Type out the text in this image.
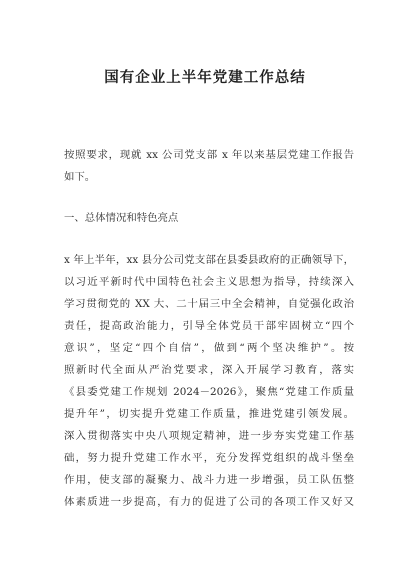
国有企业上半年党建工作总结
按照要求，现就 xx 公司党支部 x 年以来基层党建工作报告
如下。
一、总体情况和特色亮点
x 年上半年，xx 县分公司党支部在县委县政府的正确领导下，
以习近平新时代中国特色社会主义思想为指导，持续深入
学习贯彻党的 XX 大、二十届三中全会精神，自觉强化政治
责任，提高政治能力，引导全体党员干部牢固树立“四个
意识”，坚定“四个自信”，做到“两个坚决维护”。按
照新时代全面从严治党要求，深入开展学习教育，落实
《县委党建工作规划 2024－2026》，聚焦“党建工作质量
提升年”，切实提升党建工作质量，推进党建引领发展。
深入贯彻落实中央八项规定精神，进一步夯实党建工作基
础，努力提升党建工作水平，充分发挥党组织的战斗堡垒
作用，使支部的凝聚力、战斗力进一步增强，员工队伍整
体素质进一步提高，有力的促进了公司的各项工作又好又
